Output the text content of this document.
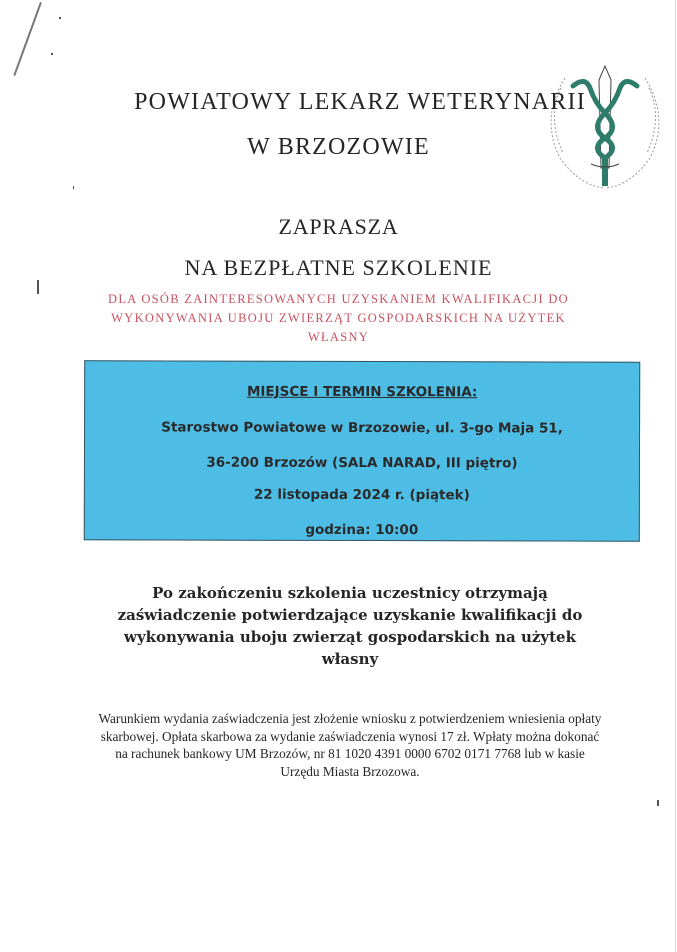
POWIATOWY LEKARZ WETERYNARII
W BRZOZOWIE
ZAPRASZA
NA BEZPŁATNE SZKOLENIE
DLA OSÓB ZAINTERESOWANYCH UZYSKANIEM KWALIFIKACJI DO WYKONYWANIA UBOJU ZWIERZĄT GOSPODARSKICH NA UŻYTEK WŁASNY
MIEJSCE I TERMIN SZKOLENIA:
Starostwo Powiatowe w Brzozowie, ul. 3-go Maja 51,
36-200 Brzozów (SALA NARAD, III piętro)
22 listopada 2024 r. (piątek)
godzina: 10:00
Po zakończeniu szkolenia uczestnicy otrzymają zaświadczenie potwierdzające uzyskanie kwalifikacji do wykonywania uboju zwierząt gospodarskich na użytek własny
Warunkiem wydania zaświadczenia jest złożenie wniosku z potwierdzeniem wniesienia opłaty skarbowej. Opłata skarbowa za wydanie zaświadczenia wynosi 17 zł. Wpłaty można dokonać na rachunek bankowy UM Brzozów, nr 81 1020 4391 0000 6702 0171 7768 lub w kasie Urzędu Miasta Brzozowa.
